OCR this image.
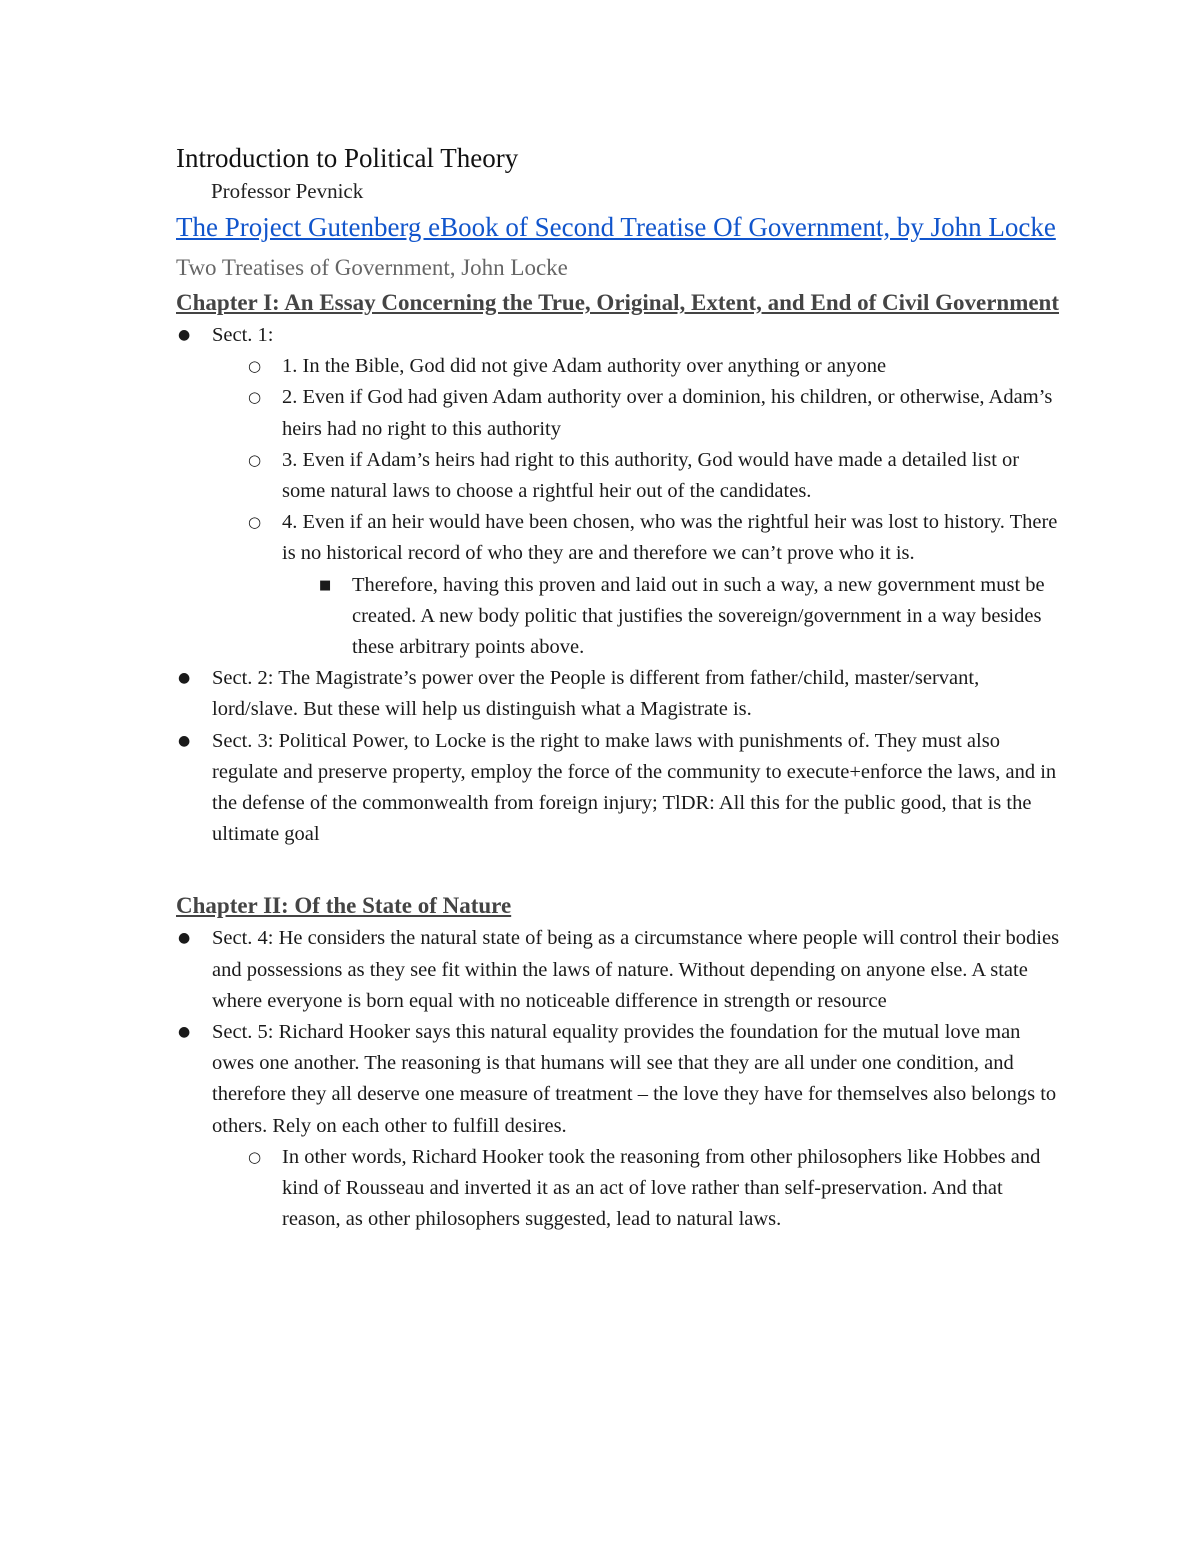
Introduction to Political Theory

Professor Pevnick

The Project Gutenberg eBook of Second Treatise Of Government, by John Locke

Two Treatises of Government, John Locke

Chapter I: An Essay Concerning the True, Original, Extent, and End of Civil Government
● Sect. 1:
○ 1. In the Bible, God did not give Adam authority over anything or anyone
○ 2. Even if God had given Adam authority over a dominion, his children, or otherwise, Adam’s heirs had no right to this authority
○ 3. Even if Adam’s heirs had right to this authority, God would have made a detailed list or some natural laws to choose a rightful heir out of the candidates.
○ 4. Even if an heir would have been chosen, who was the rightful heir was lost to history. There is no historical record of who they are and therefore we can’t prove who it is.
■ Therefore, having this proven and laid out in such a way, a new government must be created. A new body politic that justifies the sovereign/government in a way besides these arbitrary points above.
● Sect. 2: The Magistrate’s power over the People is different from father/child, master/servant, lord/slave. But these will help us distinguish what a Magistrate is.
● Sect. 3: Political Power, to Locke is the right to make laws with punishments of. They must also regulate and preserve property, employ the force of the community to execute+enforce the laws, and in the defense of the commonwealth from foreign injury; TlDR: All this for the public good, that is the ultimate goal
Chapter II: Of the State of Nature
● Sect. 4: He considers the natural state of being as a circumstance where people will control their bodies and possessions as they see fit within the laws of nature. Without depending on anyone else. A state where everyone is born equal with no noticeable difference in strength or resource
● Sect. 5: Richard Hooker says this natural equality provides the foundation for the mutual love man owes one another. The reasoning is that humans will see that they are all under one condition, and therefore they all deserve one measure of treatment – the love they have for themselves also belongs to others. Rely on each other to fulfill desires.
○ In other words, Richard Hooker took the reasoning from other philosophers like Hobbes and kind of Rousseau and inverted it as an act of love rather than self-preservation. And that reason, as other philosophers suggested, lead to natural laws.
